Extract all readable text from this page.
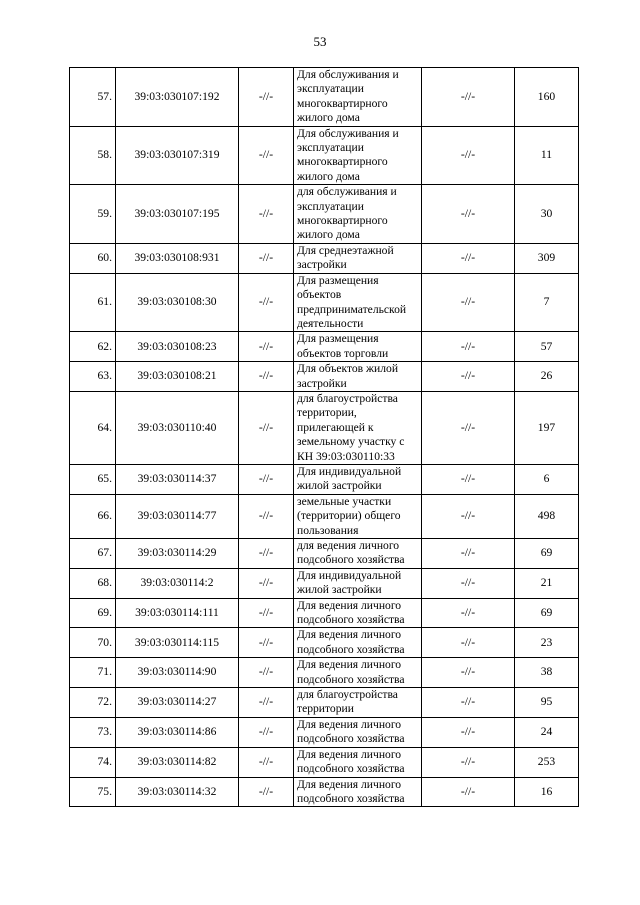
53
57.	39:03:030107:192	-//-	Для обслуживания и эксплуатации многоквартирного жилого дома	-//-	160
58.	39:03:030107:319	-//-	Для обслуживания и эксплуатации многоквартирного жилого дома	-//-	11
59.	39:03:030107:195	-//-	для обслуживания и эксплуатации многоквартирного жилого дома	-//-	30
60.	39:03:030108:931	-//-	Для среднеэтажной застройки	-//-	309
61.	39:03:030108:30	-//-	Для размещения объектов предпринимательской деятельности	-//-	7
62.	39:03:030108:23	-//-	Для размещения объектов торговли	-//-	57
63.	39:03:030108:21	-//-	Для объектов жилой застройки	-//-	26
64.	39:03:030110:40	-//-	для благоустройства территории, прилегающей к земельному участку с КН 39:03:030110:33	-//-	197
65.	39:03:030114:37	-//-	Для индивидуальной жилой застройки	-//-	6
66.	39:03:030114:77	-//-	земельные участки (территории) общего пользования	-//-	498
67.	39:03:030114:29	-//-	для ведения личного подсобного хозяйства	-//-	69
68.	39:03:030114:2	-//-	Для индивидуальной жилой застройки	-//-	21
69.	39:03:030114:111	-//-	Для ведения личного подсобного хозяйства	-//-	69
70.	39:03:030114:115	-//-	Для ведения личного подсобного хозяйства	-//-	23
71.	39:03:030114:90	-//-	Для ведения личного подсобного хозяйства	-//-	38
72.	39:03:030114:27	-//-	для благоустройства территории	-//-	95
73.	39:03:030114:86	-//-	Для ведения личного подсобного хозяйства	-//-	24
74.	39:03:030114:82	-//-	Для ведения личного подсобного хозяйства	-//-	253
75.	39:03:030114:32	-//-	Для ведения личного подсобного хозяйства	-//-	16
